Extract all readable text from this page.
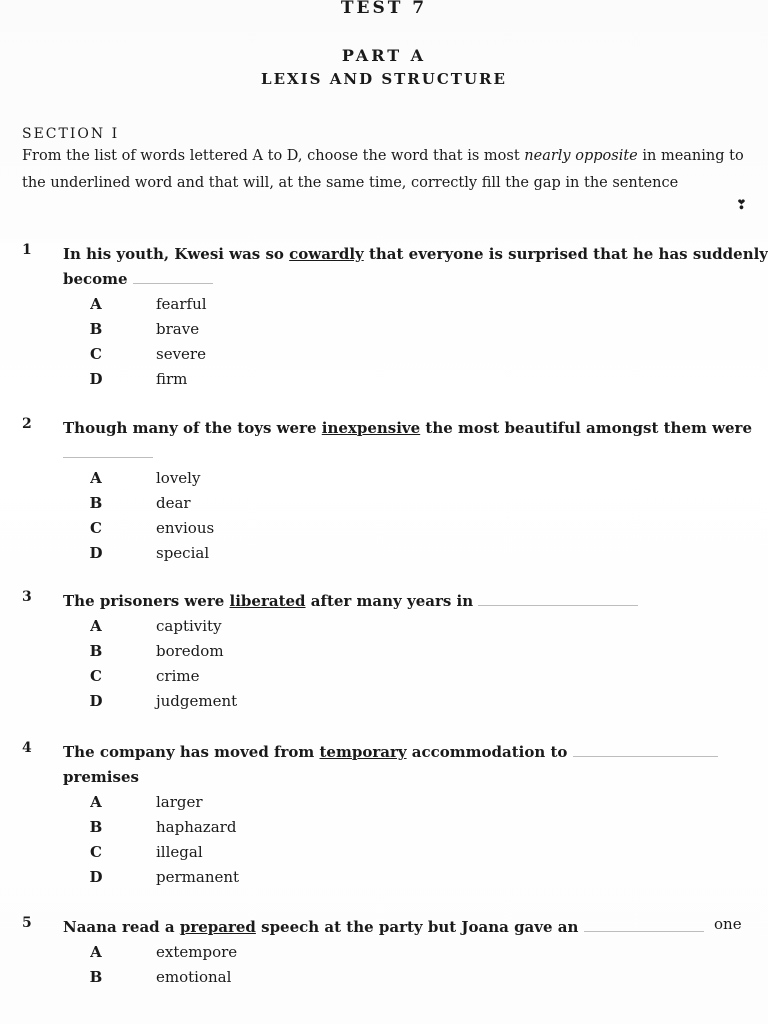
TEST 7
PART A
LEXIS AND STRUCTURE
SECTION I
From the list of words lettered A to D, choose the word that is most nearly opposite in meaning to the underlined word and that will, at the same time, correctly fill the gap in the sentence
❣
1 In his youth, Kwesi was so cowardly that everyone is surprised that he has suddenly
become
A	fearful
B	brave
C	severe
D	firm
2 Though many of the toys were inexpensive the most beautiful amongst them were
A	lovely
B	dear
C	envious
D	special
3 The prisoners were liberated after many years in
A	captivity
B	boredom
C	crime
D	judgement
4 The company has moved from temporary accommodation to
premises
A	larger
B	haphazard
C	illegal
D	permanent
5 Naana read a prepared speech at the party but Joana gave an	one
A	extempore
B	emotional
